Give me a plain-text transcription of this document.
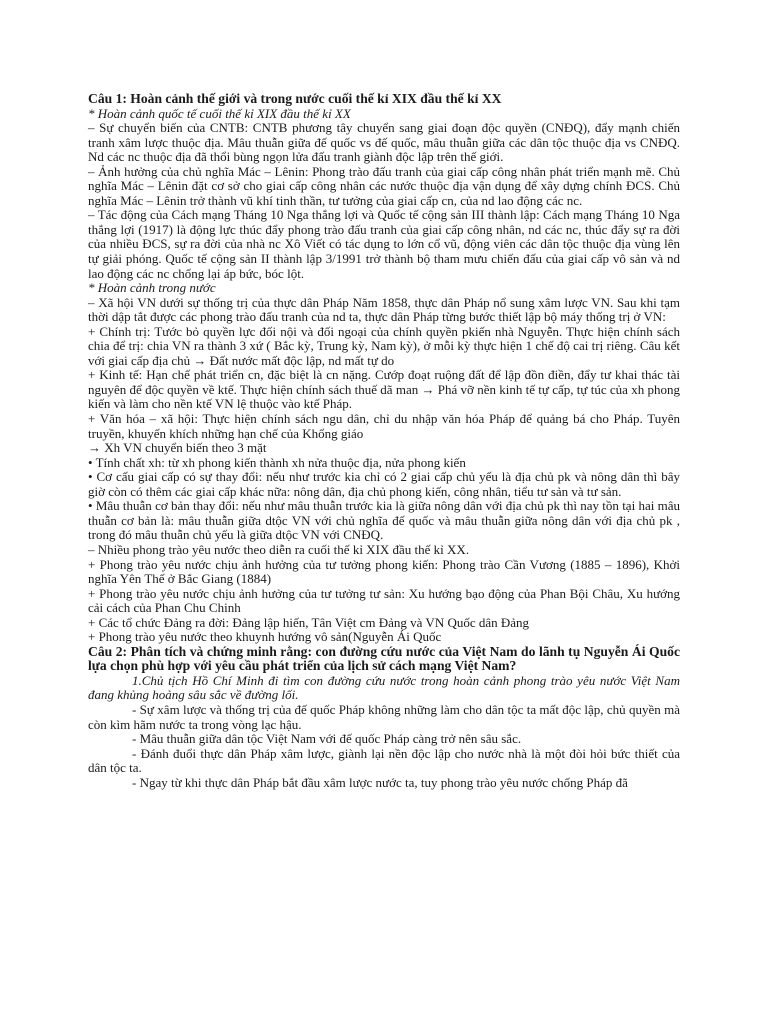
Câu 1: Hoàn cảnh thế giới và trong nước cuối thế kỉ XIX đầu thế kỉ XX

* Hoàn cảnh quốc tế cuối thế kỉ XIX đầu thế kỉ XX

– Sự chuyển biến của CNTB: CNTB phương tây chuyển sang giai đoạn độc quyền (CNĐQ), đẩy mạnh chiến tranh xâm lược thuộc địa. Mâu thuẫn giữa đế quốc vs đế quốc, mâu thuẫn giữa các dân tộc thuộc địa vs CNĐQ. Nd các nc thuộc địa đã thổi bùng ngọn lửa đấu tranh giành độc lập trên thế giới.

– Ảnh hưởng của chủ nghĩa Mác – Lênin: Phong trào đấu tranh của giai cấp công nhân phát triển mạnh mẽ. Chủ nghĩa Mác – Lênin đặt cơ sở cho giai cấp công nhân các nước thuộc địa vận dụng để xây dựng chính ĐCS. Chủ nghĩa Mác – Lênin trở thành vũ khí tinh thần, tư tưởng của giai cấp cn, của nd lao động các nc.

– Tác động của Cách mạng Tháng 10 Nga thắng lợi và Quốc tế cộng sản III thành lập: Cách mạng Tháng 10 Nga thắng lợi (1917) là động lực thúc đẩy phong trào đấu tranh của giai cấp công nhân, nd các nc, thúc đẩy sự ra đời của nhiều ĐCS, sự ra đời của nhà nc Xô Viết có tác dụng to lớn cổ vũ, động viên các dân tộc thuộc địa vùng lên tự giải phóng. Quốc tế cộng sản II thành lập 3/1991 trở thành bộ tham mưu chiến đấu của giai cấp vô sản và nd lao động các nc chống lại áp bức, bóc lột.

* Hoàn cảnh trong nước

– Xã hội VN dưới sự thống trị của thực dân Pháp Năm 1858, thực dân Pháp nổ sung xâm lược VN. Sau khi tạm thời dập tắt được các phong trào đấu tranh của nd ta, thực dân Pháp từng bước thiết lập bộ máy thống trị ở VN:

+ Chính trị: Tước bỏ quyền lực đối nội và đối ngoại của chính quyền pkiến nhà Nguyễn. Thực hiện chính sách chia để trị: chia VN ra thành 3 xứ ( Bắc kỳ, Trung kỳ, Nam kỳ), ở mỗi kỳ thực hiện 1 chế độ cai trị riêng. Câu kết với giai cấp địa chủ → Đất nước mất độc lập, nd mất tự do

+ Kinh tế: Hạn chế phát triển cn, đặc biệt là cn nặng. Cướp đoạt ruộng đất để lập đồn điền, đẩy tư khai thác tài nguyên để độc quyền về ktế. Thực hiện chính sách thuế dã man → Phá vỡ nền kinh tế tự cấp, tự túc của xh phong kiến và làm cho nền ktế VN lệ thuộc vào ktế Pháp.

+ Văn hóa – xã hội: Thực hiện chính sách ngu dân, chỉ du nhập văn hóa Pháp để quảng bá cho Pháp. Tuyên truyền, khuyến khích những hạn chế của Khổng giáo

→ Xh VN chuyển biến theo 3 mặt

• Tính chất xh: từ xh phong kiến thành xh nửa thuộc địa, nửa phong kiến

• Cơ cấu giai cấp có sự thay đổi: nếu như trước kia chỉ có 2 giai cấp chủ yếu là địa chủ pk và nông dân thì bây giờ còn có thêm các giai cấp khác nữa: nông dân, địa chủ phong kiến, công nhân, tiểu tư sản và tư sản.

• Mâu thuẫn cơ bản thay đổi: nếu như mâu thuẫn trước kia là giữa nông dân với địa chủ pk thì nay tồn tại hai mâu thuẫn cơ bản là: mâu thuẫn giữa dtộc VN với chủ nghĩa đế quốc và mâu thuẫn giữa nông dân với địa chủ pk , trong đó mâu thuẫn chủ yếu là giữa dtộc VN với CNĐQ.

– Nhiều phong trào yêu nước theo diễn ra cuối thế kỉ XIX đầu thế kỉ XX.

+ Phong trào yêu nước chịu ảnh hưởng của tư tưởng phong kiến: Phong trào Cần Vương (1885 – 1896), Khởi nghĩa Yên Thế ở Bắc Giang (1884)

+ Phong trào yêu nước chịu ảnh hưởng của tư tưởng tư sản: Xu hướng bạo động của Phan Bội Châu, Xu hướng cải cách của Phan Chu Chinh

+ Các tổ chức Đảng ra đời: Đảng lập hiến, Tân Việt cm Đảng và VN Quốc dân Đảng

+ Phong trào yêu nước theo khuynh hướng vô sản(Nguyễn Ái Quốc

Câu 2: Phân tích và chứng minh rằng: con đường cứu nước của Việt Nam do lãnh tụ Nguyễn Ái Quốc lựa chọn phù hợp với yêu cầu phát triển của lịch sử cách mạng Việt Nam?

1.Chủ tịch Hồ Chí Minh đi tìm con đường cứu nước trong hoàn cảnh phong trào yêu nước Việt Nam đang khủng hoảng sâu sắc về đường lối.

- Sự xâm lược và thống trị của đế quốc Pháp không những làm cho dân tộc ta mất độc lập, chủ quyền mà còn kìm hãm nước ta trong vòng lạc hậu.

- Mâu thuẫn giữa dân tộc Việt Nam với đế quốc Pháp càng trở nên sâu sắc.

- Đánh đuổi thực dân Pháp xâm lược, giành lại nền độc lập cho nước nhà là một đòi hỏi bức thiết của dân tộc ta.

- Ngay từ khi thực dân Pháp bắt đầu xâm lược nước ta, tuy phong trào yêu nước chống Pháp đã
